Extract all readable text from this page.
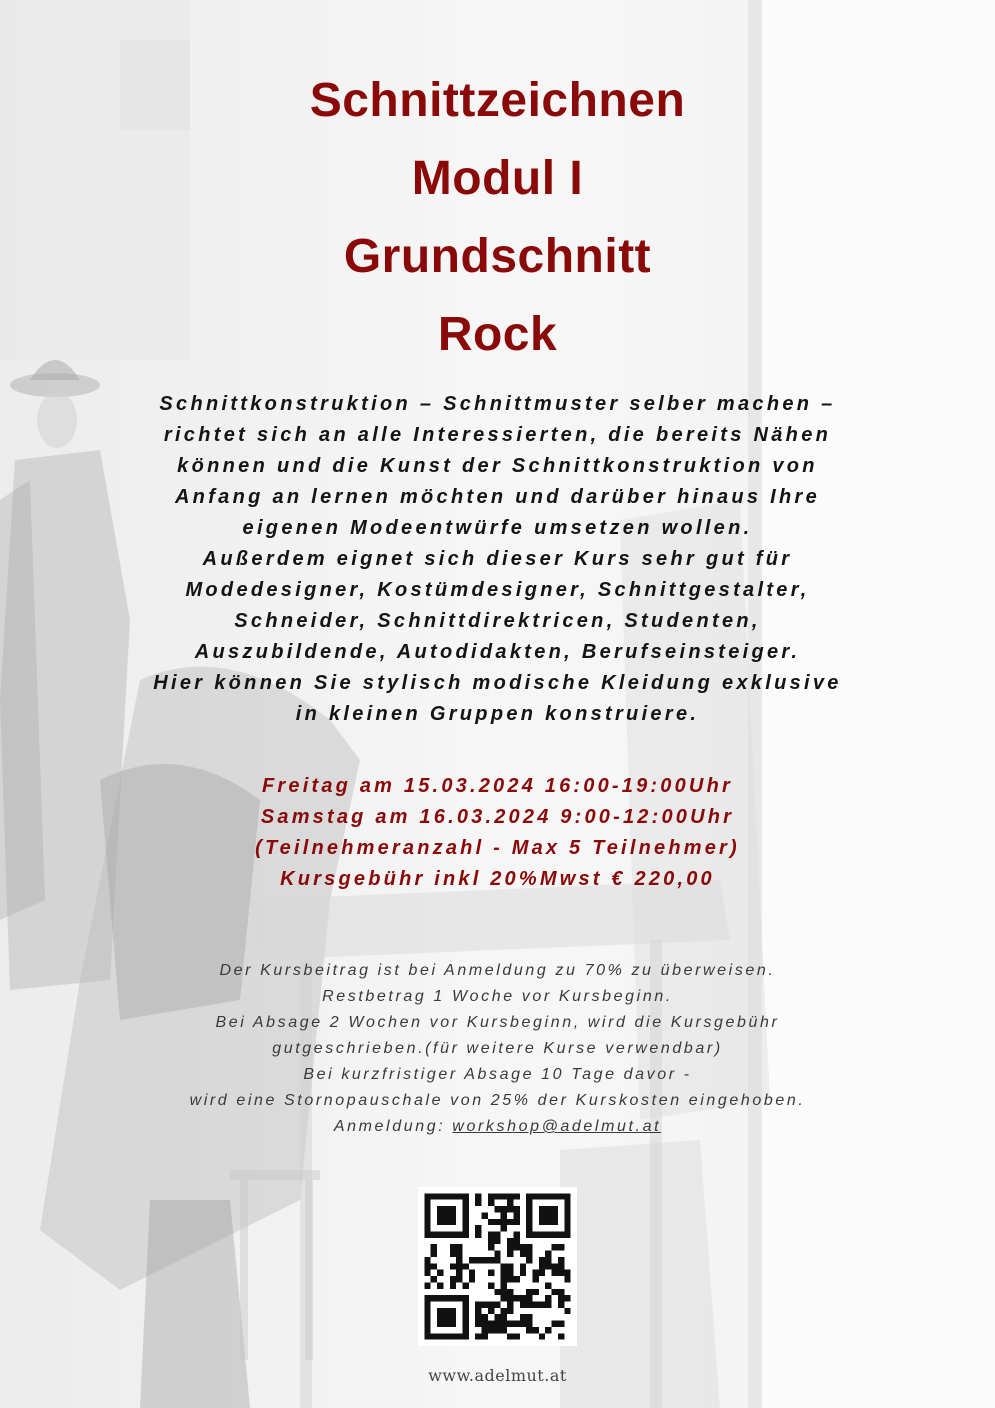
Schnittzeichnen
Modul I
Grundschnitt
Rock
Schnittkonstruktion – Schnittmuster selber machen –
richtet sich an alle Interessierten, die bereits Nähen
können und die Kunst der Schnittkonstruktion von
Anfang an lernen möchten und darüber hinaus Ihre
eigenen Modeentwürfe umsetzen wollen.
Außerdem eignet sich dieser Kurs sehr gut für
Modedesigner, Kostümdesigner, Schnittgestalter,
Schneider, Schnittdirektricen, Studenten,
Auszubildende, Autodidakten, Berufseinsteiger.
Hier können Sie stylisch modische Kleidung exklusive
in kleinen Gruppen konstruiere.
Freitag am 15.03.2024 16:00-19:00Uhr
Samstag am 16.03.2024 9:00-12:00Uhr
(Teilnehmeranzahl - Max 5 Teilnehmer)
Kursgebühr inkl 20%Mwst € 220,00
Der Kursbeitrag ist bei Anmeldung zu 70% zu überweisen.
Restbetrag 1 Woche vor Kursbeginn.
Bei Absage 2 Wochen vor Kursbeginn, wird die Kursgebühr
gutgeschrieben.(für weitere Kurse verwendbar)
Bei kurzfristiger Absage 10 Tage davor -
wird eine Stornopauschale von 25% der Kurskosten eingehoben.
Anmeldung: workshop@adelmut.at
www.adelmut.at
